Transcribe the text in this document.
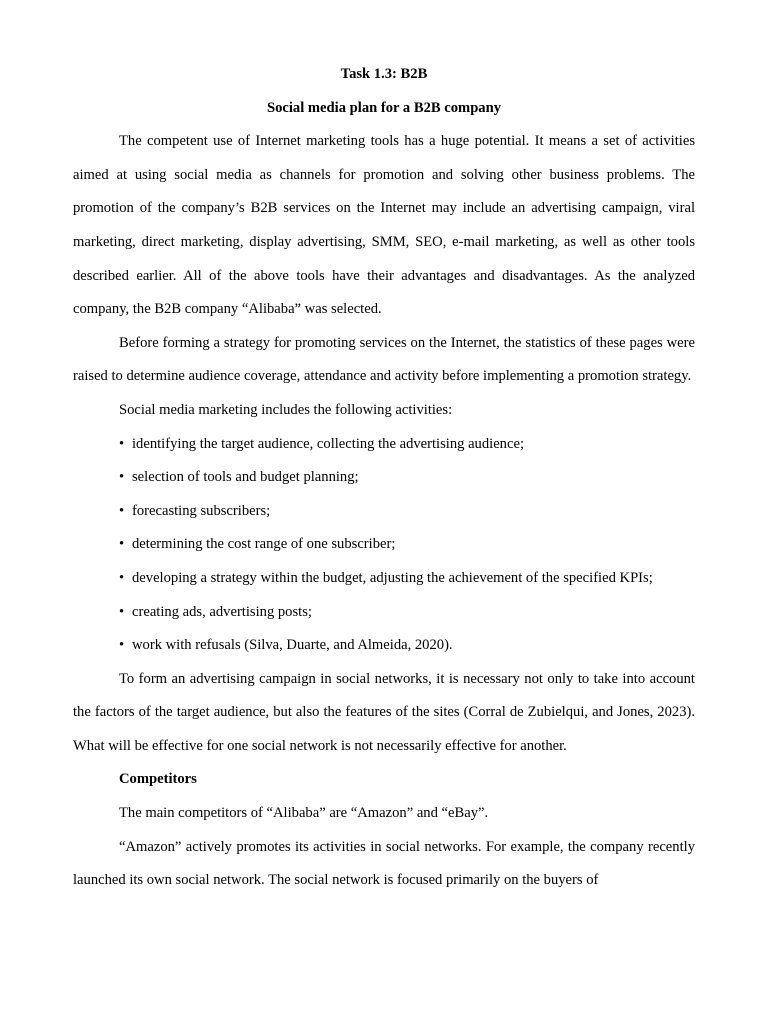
Task 1.3: B2B
Social media plan for a B2B company

The competent use of Internet marketing tools has a huge potential. It means a set of activities aimed at using social media as channels for promotion and solving other business problems. The promotion of the company’s B2B services on the Internet may include an advertising campaign, viral marketing, direct marketing, display advertising, SMM, SEO, e-mail marketing, as well as other tools described earlier. All of the above tools have their advantages and disadvantages. As the analyzed company, the B2B company “Alibaba” was selected.

Before forming a strategy for promoting services on the Internet, the statistics of these pages were raised to determine audience coverage, attendance and activity before implementing a promotion strategy.

Social media marketing includes the following activities:

• identifying the target audience, collecting the advertising audience;
• selection of tools and budget planning;
• forecasting subscribers;
• determining the cost range of one subscriber;
• developing a strategy within the budget, adjusting the achievement of the specified KPIs;
• creating ads, advertising posts;
• work with refusals (Silva, Duarte, and Almeida, 2020).

To form an advertising campaign in social networks, it is necessary not only to take into account the factors of the target audience, but also the features of the sites (Corral de Zubielqui, and Jones, 2023). What will be effective for one social network is not necessarily effective for another.

Competitors

The main competitors of “Alibaba” are “Amazon” and “eBay”.

“Amazon” actively promotes its activities in social networks. For example, the company recently launched its own social network. The social network is focused primarily on the buyers of
